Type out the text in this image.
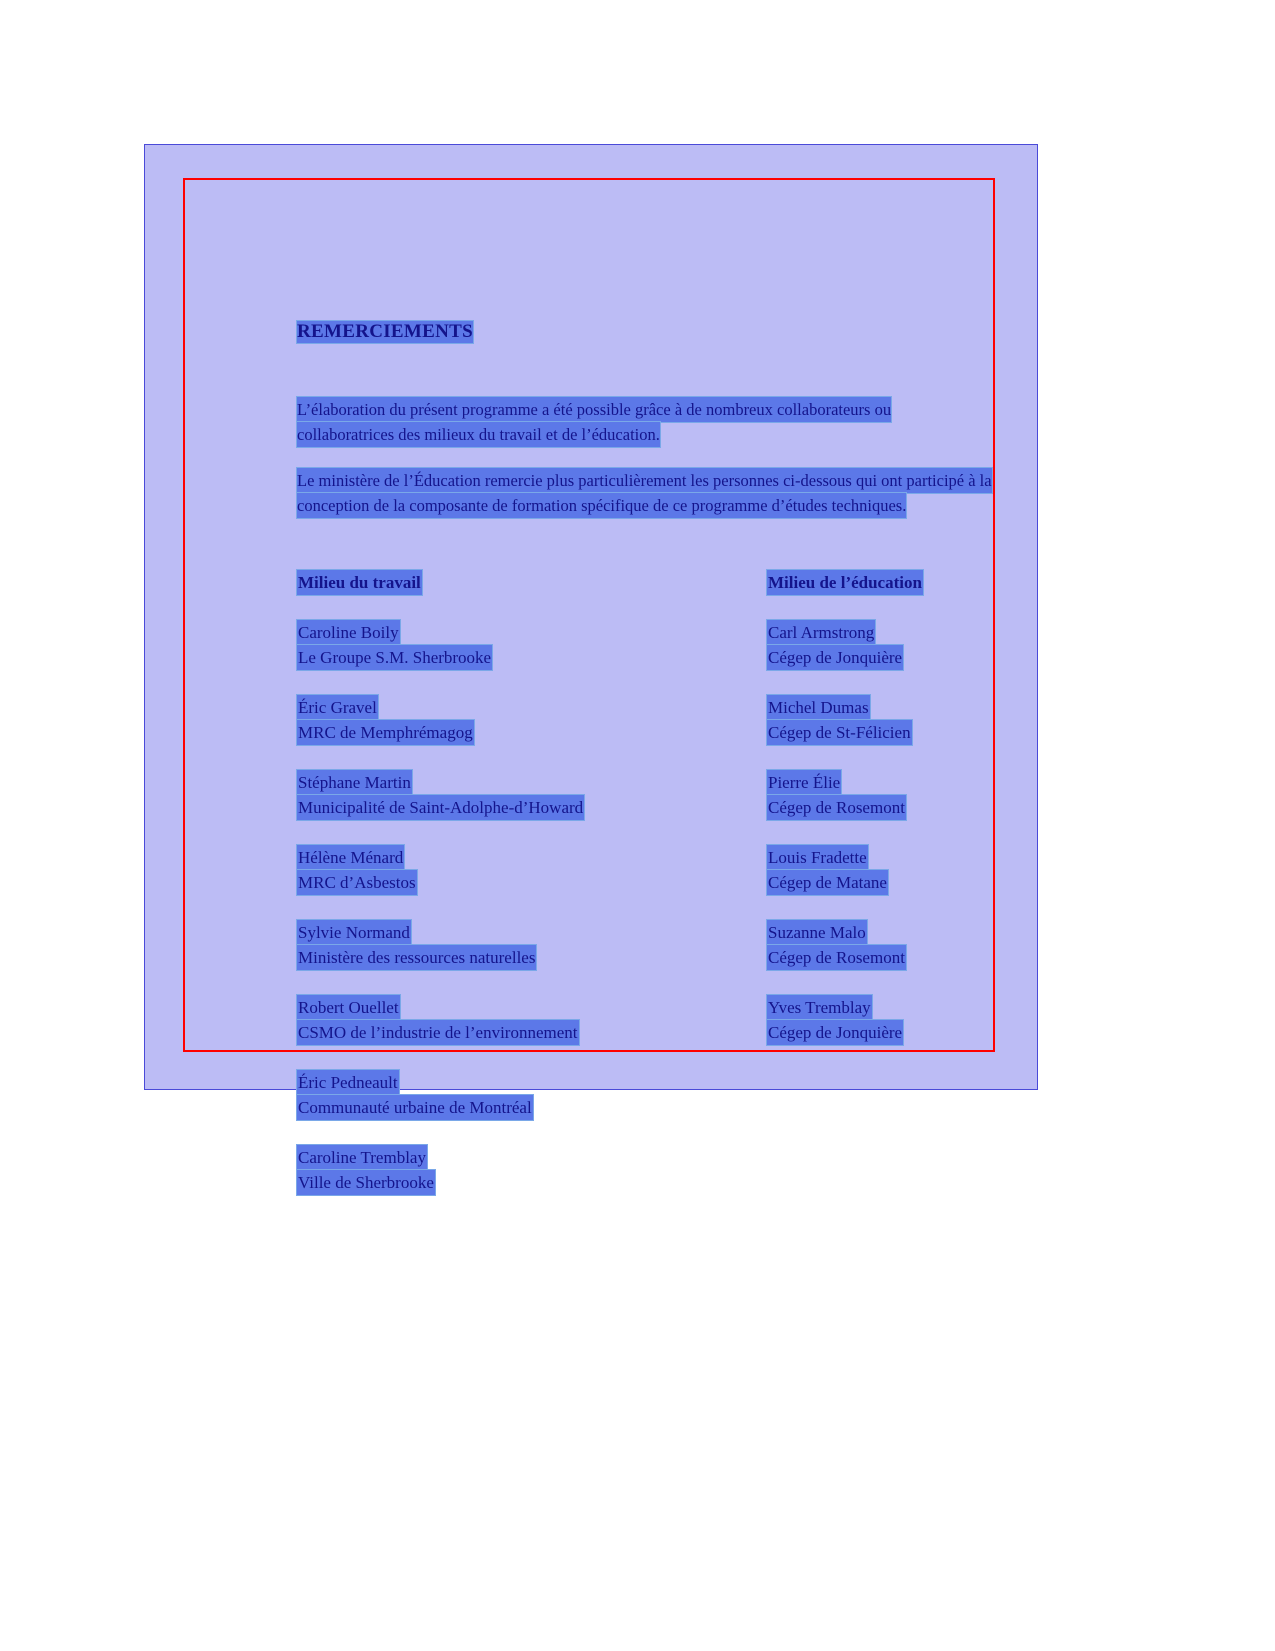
REMERCIEMENTS
L’élaboration du présent programme a été possible grâce à de nombreux collaborateurs ou
collaboratrices des milieux du travail et de l’éducation.
Le ministère de l’Éducation remercie plus particulièrement les personnes ci-dessous qui ont participé à la
conception de la composante de formation spécifique de ce programme d’études techniques.
Milieu du travail	Milieu de l’éducation

Caroline Boily	Carl Armstrong
Le Groupe S.M. Sherbrooke	Cégep de Jonquière

Éric Gravel	Michel Dumas
MRC de Memphrémagog	Cégep de St-Félicien

Stéphane Martin	Pierre Élie
Municipalité de Saint-Adolphe-d’Howard	Cégep de Rosemont

Hélène Ménard	Louis Fradette
MRC d’Asbestos	Cégep de Matane

Sylvie Normand	Suzanne Malo
Ministère des ressources naturelles	Cégep de Rosemont

Robert Ouellet	Yves Tremblay
CSMO de l’industrie de l’environnement	Cégep de Jonquière

Éric Pedneault	
Communauté urbaine de Montréal	

Caroline Tremblay	
Ville de Sherbrooke	
